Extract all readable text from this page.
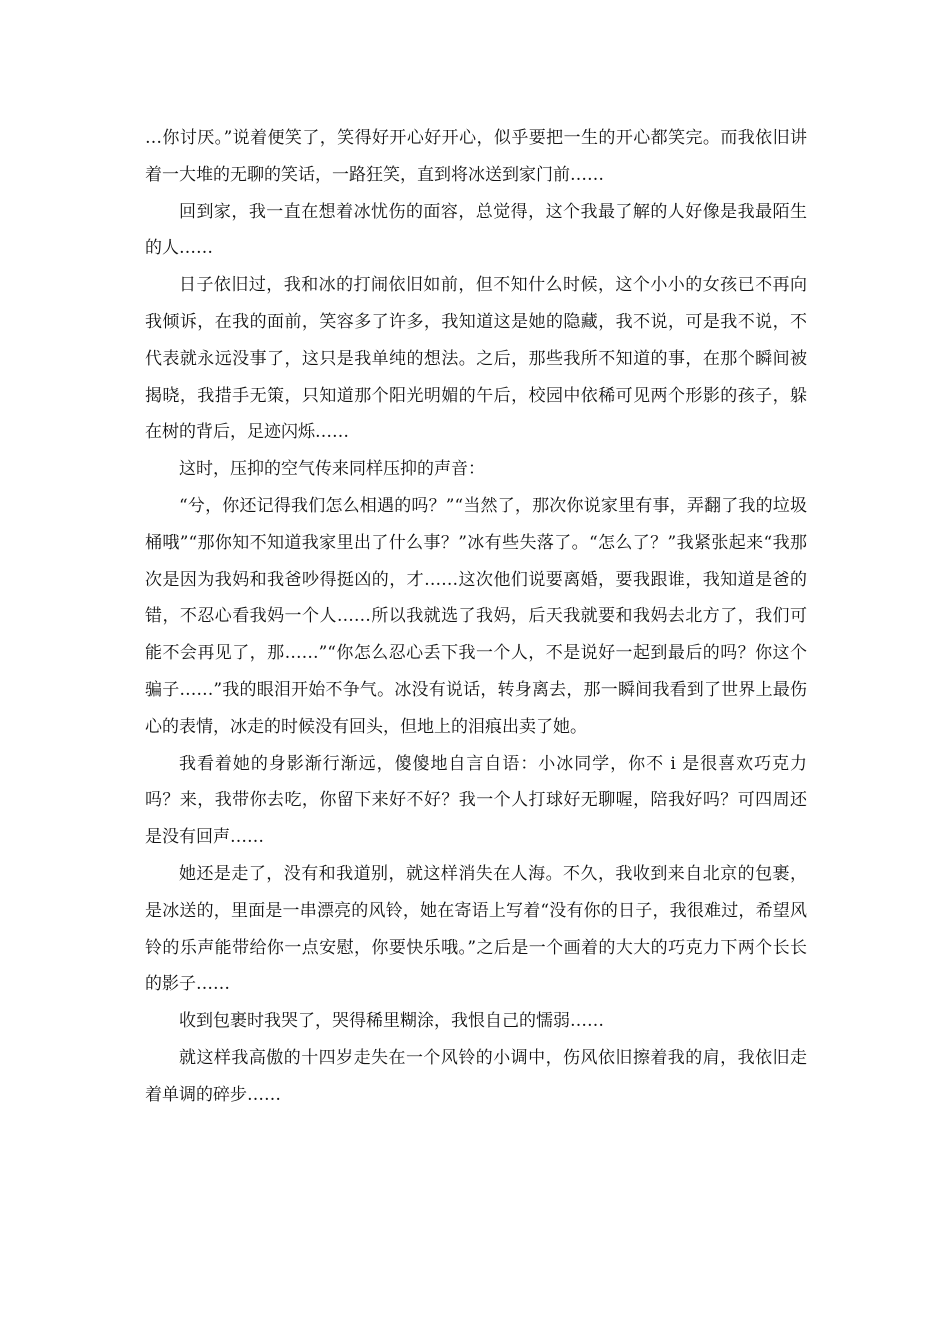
…你讨厌。”说着便笑了，笑得好开心好开心，似乎要把一生的开心都笑完。而我依旧讲着一大堆的无聊的笑话，一路狂笑，直到将冰送到家门前……

回到家，我一直在想着冰忧伤的面容，总觉得，这个我最了解的人好像是我最陌生的人……

日子依旧过，我和冰的打闹依旧如前，但不知什么时候，这个小小的女孩已不再向我倾诉，在我的面前，笑容多了许多，我知道这是她的隐藏，我不说，可是我不说，不代表就永远没事了，这只是我单纯的想法。之后，那些我所不知道的事，在那个瞬间被揭晓，我措手无策，只知道那个阳光明媚的午后，校园中依稀可见两个形影的孩子，躲在树的背后，足迹闪烁……

这时，压抑的空气传来同样压抑的声音：

“兮，你还记得我们怎么相遇的吗？”“当然了，那次你说家里有事，弄翻了我的垃圾桶哦”“那你知不知道我家里出了什么事？”冰有些失落了。“怎么了？”我紧张起来“我那次是因为我妈和我爸吵得挺凶的，才……这次他们说要离婚，要我跟谁，我知道是爸的错，不忍心看我妈一个人……所以我就选了我妈，后天我就要和我妈去北方了，我们可能不会再见了，那……”“你怎么忍心丢下我一个人，不是说好一起到最后的吗？你这个骗子……”我的眼泪开始不争气。冰没有说话，转身离去，那一瞬间我看到了世界上最伤心的表情，冰走的时候没有回头，但地上的泪痕出卖了她。

我看着她的身影渐行渐远，傻傻地自言自语：小冰同学，你不 i 是很喜欢巧克力吗？来，我带你去吃，你留下来好不好？我一个人打球好无聊喔，陪我好吗？可四周还是没有回声……

她还是走了，没有和我道别，就这样消失在人海。不久，我收到来自北京的包裹，是冰送的，里面是一串漂亮的风铃，她在寄语上写着“没有你的日子，我很难过，希望风铃的乐声能带给你一点安慰，你要快乐哦。”之后是一个画着的大大的巧克力下两个长长的影子……

收到包裹时我哭了，哭得稀里糊涂，我恨自己的懦弱……

就这样我高傲的十四岁走失在一个风铃的小调中，伤风依旧擦着我的肩，我依旧走着单调的碎步……
